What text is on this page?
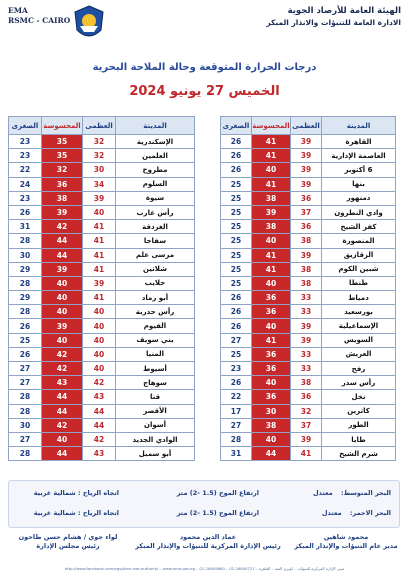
EMA
RSMC - CAIRO
الهيئة العامة للأرصاد الجوية
الادارة العامة للتنبؤات والانذار المبكر
درجات الحرارة المتوقعة وحالة الملاحة البحرية
الخميس 27 يونيو 2024
الصغرى	المحسوسة	العظمى	المدينة
23	35	32	الإسكندرية
23	35	32	العلمين
22	32	30	مطروح
24	36	34	السلوم
23	38	39	سيوة
26	39	40	رأس غارب
31	42	41	الغردقة
28	44	41	سفاجا
30	44	41	مرسى علم
29	39	41	شلاتين
28	40	39	حلايب
29	40	41	أبو رماد
28	40	40	رأس حدربة
26	39	40	الفيوم
25	40	40	بني سويف
26	42	40	المنيا
27	42	40	أسيوط
27	43	42	سوهاج
28	44	43	قنا
28	44	44	الأقصر
30	42	44	أسوان
27	40	42	الوادي الجديد
28	44	43	أبو سمبل
الصغرى	المحسوسة	العظمى	المدينة
26	41	39	القاهرة
26	41	39	العاصمة الإدارية
26	40	39	6 أكتوبر
25	41	39	بنها
25	38	36	دمنهور
25	39	37	وادي النطرون
25	38	36	كفر الشيخ
25	40	38	المنصورة
25	41	39	الزقازيق
25	41	38	شبين الكوم
25	40	38	طنطا
26	36	33	دمياط
26	36	33	بورسعيد
26	40	39	الإسماعيلية
27	41	39	السويس
25	36	33	العريش
23	36	33	رفح
26	40	38	رأس سدر
22	36	36	نخل
17	30	32	كاترين
27	38	37	الطور
28	40	39	طابا
31	44	41	شرم الشيخ
البحر المتوسط: معتدل
ارتفاع الموج (1.5 -2) متر
اتجاه الرياح : شمالية غربية
البحر الاحمر: معتدل
ارتفاع الموج (1.5 -2) متر
اتجاه الرياح : شمالية غربية
لواء جوي / هشام حسن طاحون
رئيس مجلس الإدارة
عماد الدين محمود
رئيس الإدارة المركزية للتنبؤات والإنذار المبكر
محمود شاهين
مدير عام التنبؤات والإنذار المبكر
http://www.facebook.com/egyptian.met.authority – www.ema.gov.eg – 02-26849860 – 02-26840727 – مبنى الإدارة المركزية للتنبؤات – كوبري القبة – القاهرة
